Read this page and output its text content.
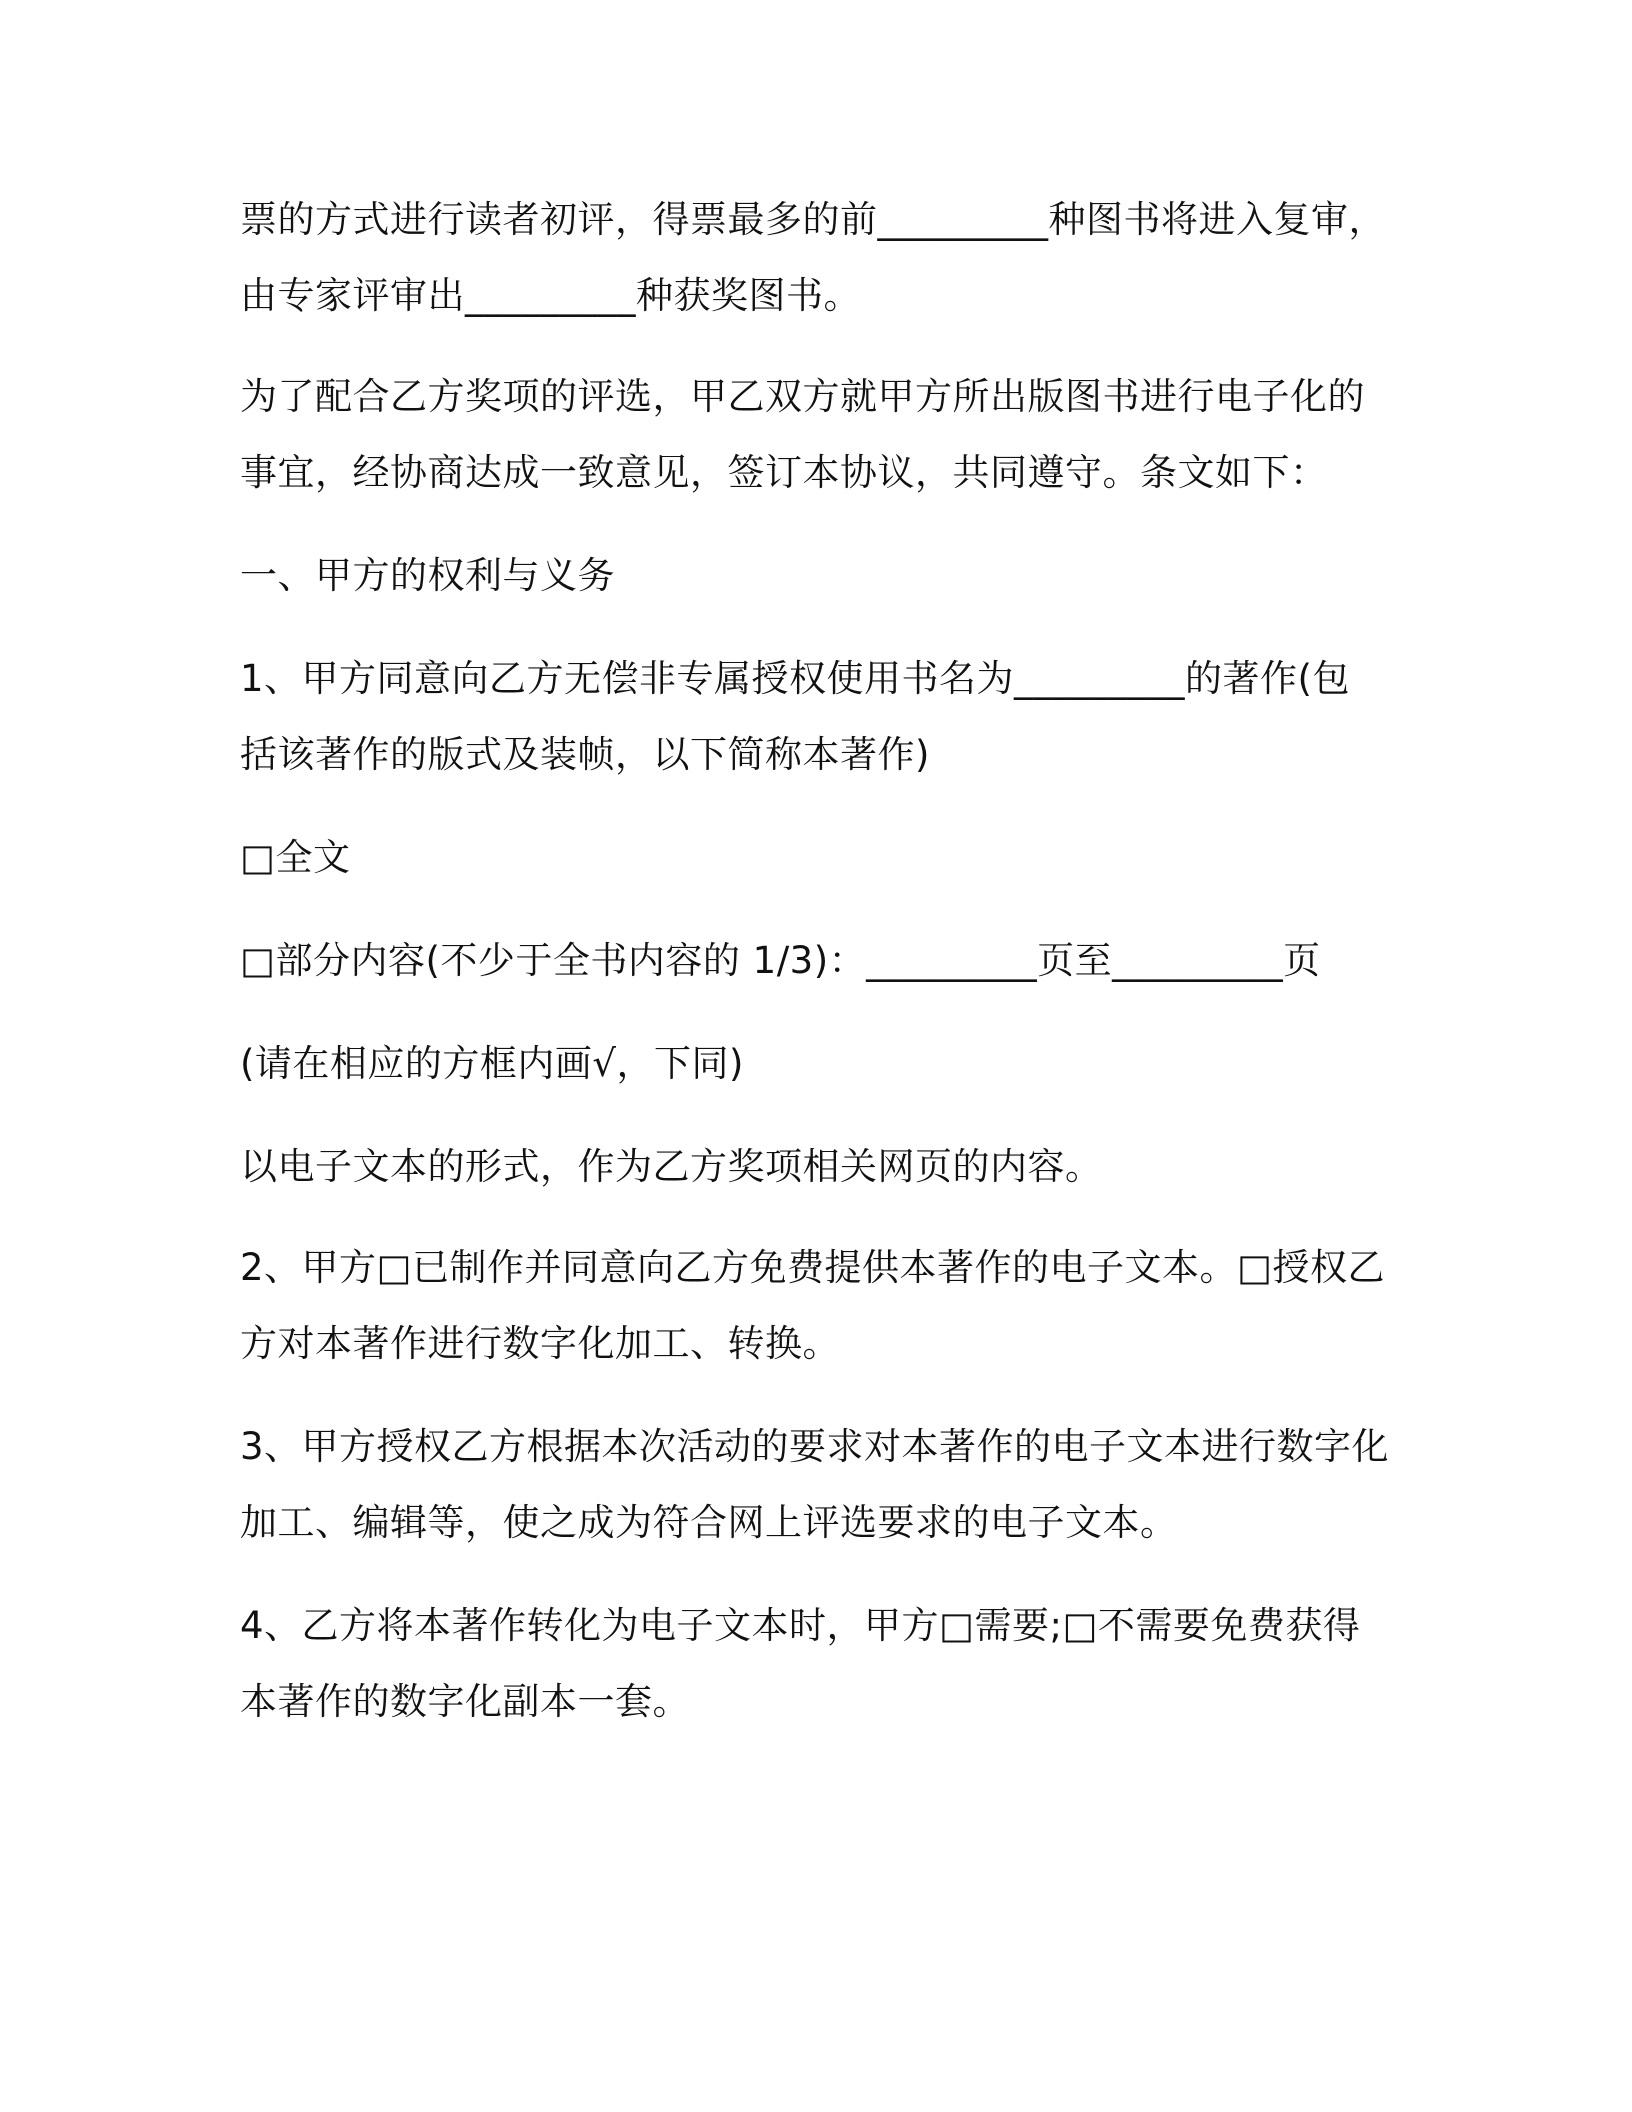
票的方式进行读者初评，得票最多的前_________种图书将进入复审，
由专家评审出_________种获奖图书。
为了配合乙方奖项的评选，甲乙双方就甲方所出版图书进行电子化的
事宜，经协商达成一致意见，签订本协议，共同遵守。条文如下：
一、甲方的权利与义务
1、甲方同意向乙方无偿非专属授权使用书名为_________的著作(包
括该著作的版式及装帧，以下简称本著作)
□全文
□部分内容(不少于全书内容的 1/3)：_________页至_________页
(请在相应的方框内画√，下同)
以电子文本的形式，作为乙方奖项相关网页的内容。
2、甲方□已制作并同意向乙方免费提供本著作的电子文本。□授权乙
方对本著作进行数字化加工、转换。
3、甲方授权乙方根据本次活动的要求对本著作的电子文本进行数字化
加工、编辑等，使之成为符合网上评选要求的电子文本。
4、乙方将本著作转化为电子文本时，甲方□需要;□不需要免费获得
本著作的数字化副本一套。
